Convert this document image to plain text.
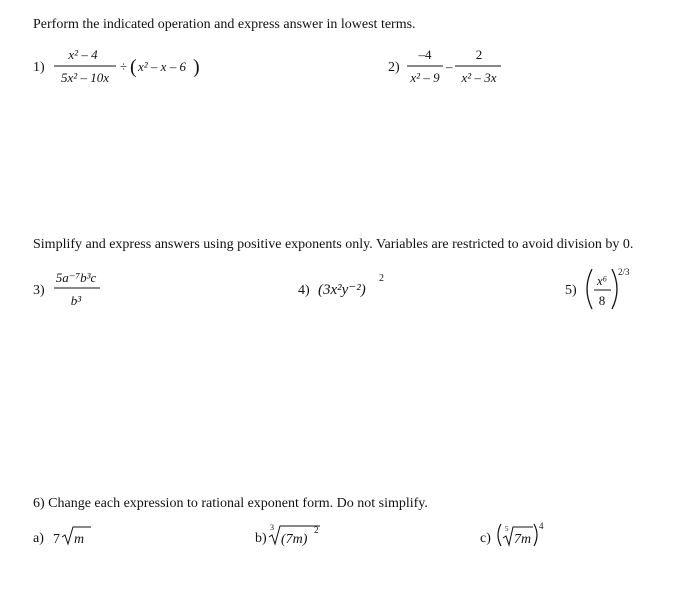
Perform the indicated operation and express answer in lowest terms.
1)
x² – 4
5x² – 10x
÷ ( x² – x – 6 )	2)
–4
x² – 9
–
2
x² – 3x
Simplify and express answers using positive exponents only. Variables are restricted to avoid division by 0.
3)
5a⁻⁷b³c
b³
4) (3x²y⁻²)
2
5)
x⁶
8
2/3
6) Change each expression to rational exponent form. Do not simplify.
a) 7 m	b)
3
(7m)
2
c)
5
7m
4
